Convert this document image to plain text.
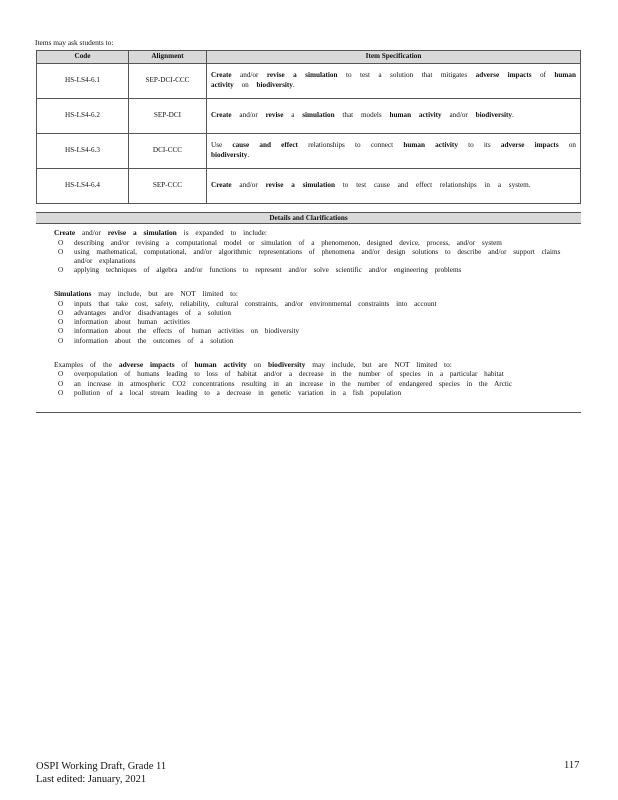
Items may ask students to:
Code	Alignment	Item Specification
HS-LS4-6.1	SEP-DCI-CCC	Create and/or revise a simulation to test a solution that mitigates adverse impacts of human activity on biodiversity.
HS-LS4-6.2	SEP-DCI	Create and/or revise a simulation that models human activity and/or biodiversity.
HS-LS4-6.3	DCI-CCC	Use cause and effect relationships to connect human activity to its adverse impacts on biodiversity.
HS-LS4-6.4	SEP-CCC	Create and/or revise a simulation to test cause and effect relationships in a system.
Details and Clarifications
Create and/or revise a simulation is expanded to include:
O describing and/or revising a computational model or simulation of a phenomenon, designed device, process, and/or system
O using mathematical, computational, and/or algorithmic representations of phenomena and/or design solutions to describe and/or support claims and/or explanations
O applying techniques of algebra and/or functions to represent and/or solve scientific and/or engineering problems
Simulations may include, but are NOT limited to:
O inputs that take cost, safety, reliability, cultural constraints, and/or environmental constraints into account
O advantages and/or disadvantages of a solution
O information about human activities
O information about the effects of human activities on biodiversity
O information about the outcomes of a solution
Examples of the adverse impacts of human activity on biodiversity may include, but are NOT limited to:
O overpopulation of humans leading to loss of habitat and/or a decrease in the number of species in a particular habitat
O an increase in atmospheric CO2 concentrations resulting in an increase in the number of endangered species in the Arctic
O pollution of a local stream leading to a decrease in genetic variation in a fish population
OSPI Working Draft, Grade 11
Last edited: January, 2021
117
